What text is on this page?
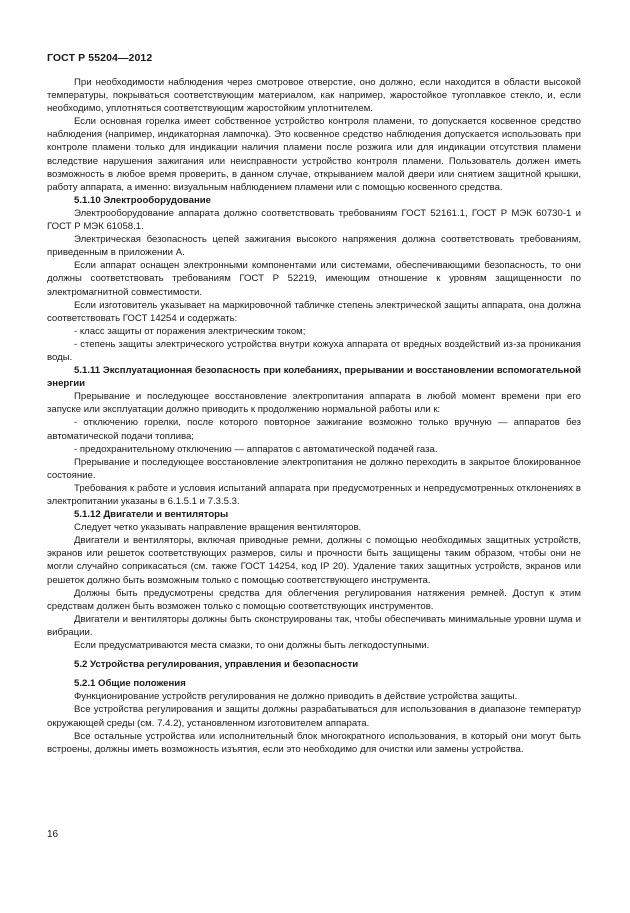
ГОСТ Р 55204—2012

При необходимости наблюдения через смотровое отверстие, оно должно, если находится в области высокой температуры, покрываться соответствующим материалом, как например, жаростойкое тугоплавкое стекло, и, если необходимо, уплотняться соответствующим жаростойким уплотнителем.

Если основная горелка имеет собственное устройство контроля пламени, то допускается косвенное средство наблюдения (например, индикаторная лампочка). Это косвенное средство наблюдения допускается использовать при контроле пламени только для индикации наличия пламени после розжига или для индикации отсутствия пламени вследствие нарушения зажигания или неисправности устройство контроля пламени. Пользователь должен иметь возможность в любое время проверить, в данном случае, открыванием малой двери или снятием защитной крышки, работу аппарата, а именно: визуальным наблюдением пламени или с помощью косвенного средства.

5.1.10 Электрооборудование

Электрооборудование аппарата должно соответствовать требованиям ГОСТ 52161.1, ГОСТ Р МЭК 60730-1 и ГОСТ Р МЭК 61058.1.

Электрическая безопасность цепей зажигания высокого напряжения должна соответствовать требованиям, приведенным в приложении А.

Если аппарат оснащен электронными компонентами или системами, обеспечивающими безопасность, то они должны соответствовать требованиям ГОСТ Р 52219, имеющим отношение к уровням защищенности по электромагнитной совместимости.

Если изготовитель указывает на маркировочной табличке степень электрической защиты аппарата, она должна соответствовать ГОСТ 14254 и содержать:

- класс защиты от поражения электрическим током;

- степень защиты электрического устройства внутри кожуха аппарата от вредных воздействий из-за проникания воды.

5.1.11 Эксплуатационная безопасность при колебаниях, прерывании и восстановлении вспомогательной энергии

Прерывание и последующее восстановление электропитания аппарата в любой момент времени при его запуске или эксплуатации должно приводить к продолжению нормальной работы или к:

- отключению горелки, после которого повторное зажигание возможно только вручную — аппаратов без автоматической подачи топлива;

- предохранительному отключению — аппаратов с автоматической подачей газа.

Прерывание и последующее восстановление электропитания не должно переходить в закрытое блокированное состояние.

Требования к работе и условия испытаний аппарата при предусмотренных и непредусмотренных отклонениях в электропитании указаны в 6.1.5.1 и 7.3.5.3.

5.1.12 Двигатели и вентиляторы

Следует четко указывать направление вращения вентиляторов.

Двигатели и вентиляторы, включая приводные ремни, должны с помощью необходимых защитных устройств, экранов или решеток соответствующих размеров, силы и прочности быть защищены таким образом, чтобы они не могли случайно соприкасаться (см. также ГОСТ 14254, код IP 20). Удаление таких защитных устройств, экранов или решеток должно быть возможным только с помощью соответствующего инструмента.

Должны быть предусмотрены средства для облегчения регулирования натяжения ремней. Доступ к этим средствам должен быть возможен только с помощью соответствующих инструментов.

Двигатели и вентиляторы должны быть сконструированы так, чтобы обеспечивать минимальные уровни шума и вибрации.

Если предусматриваются места смазки, то они должны быть легкодоступными.

5.2 Устройства регулирования, управления и безопасности

5.2.1 Общие положения

Функционирование устройств регулирования не должно приводить в действие устройства защиты.

Все устройства регулирования и защиты должны разрабатываться для использования в диапазоне температур окружающей среды (см. 7.4.2), установленном изготовителем аппарата.

Все остальные устройства или исполнительный блок многократного использования, в который они могут быть встроены, должны иметь возможность изъятия, если это необходимо для очистки или замены устройства.

16
